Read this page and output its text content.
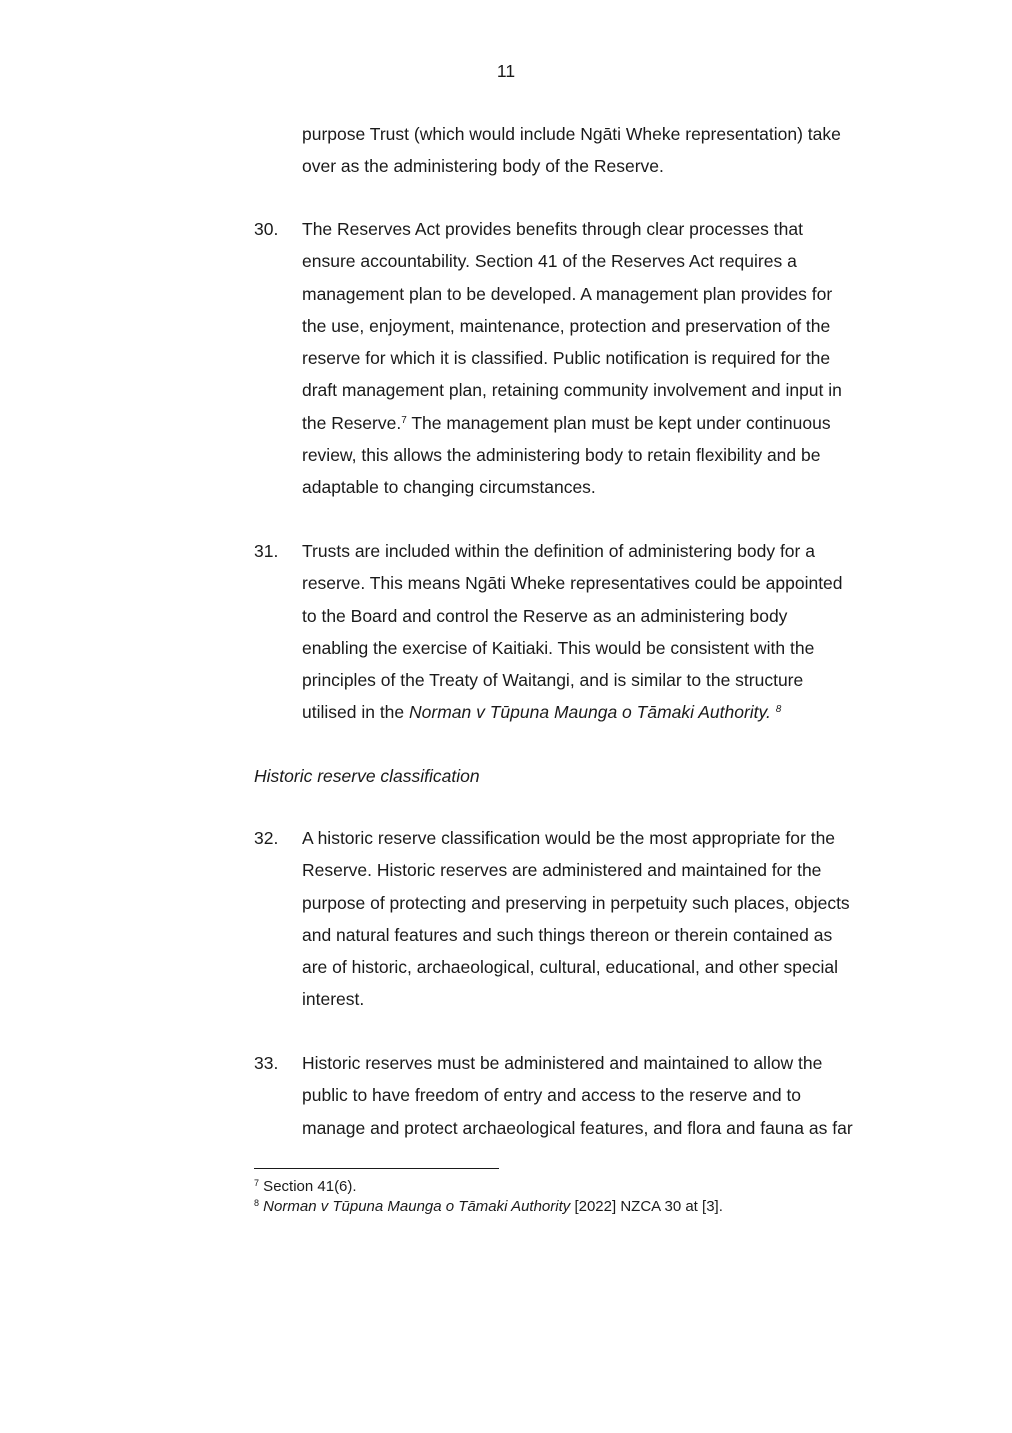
11
purpose Trust (which would include Ngāti Wheke representation) take
over as the administering body of the Reserve.
30. The Reserves Act provides benefits through clear processes that
ensure accountability. Section 41 of the Reserves Act requires a
management plan to be developed. A management plan provides for
the use, enjoyment, maintenance, protection and preservation of the
reserve for which it is classified. Public notification is required for the
draft management plan, retaining community involvement and input in
the Reserve.$^7$ The management plan must be kept under continuous
review, this allows the administering body to retain flexibility and be
adaptable to changing circumstances.
31. Trusts are included within the definition of administering body for a
reserve. This means Ngāti Wheke representatives could be appointed
to the Board and control the Reserve as an administering body
enabling the exercise of Kaitiaki. This would be consistent with the
principles of the Treaty of Waitangi, and is similar to the structure
utilised in the Norman v Tūpuna Maunga o Tāmaki Authority. $^8$
Historic reserve classification
32. A historic reserve classification would be the most appropriate for the
Reserve. Historic reserves are administered and maintained for the
purpose of protecting and preserving in perpetuity such places, objects
and natural features and such things thereon or therein contained as
are of historic, archaeological, cultural, educational, and other special
interest.
33. Historic reserves must be administered and maintained to allow the
public to have freedom of entry and access to the reserve and to
manage and protect archaeological features, and flora and fauna as far
$^7$ Section 41(6).
$^8$ Norman v Tūpuna Maunga o Tāmaki Authority [2022] NZCA 30 at [3].
